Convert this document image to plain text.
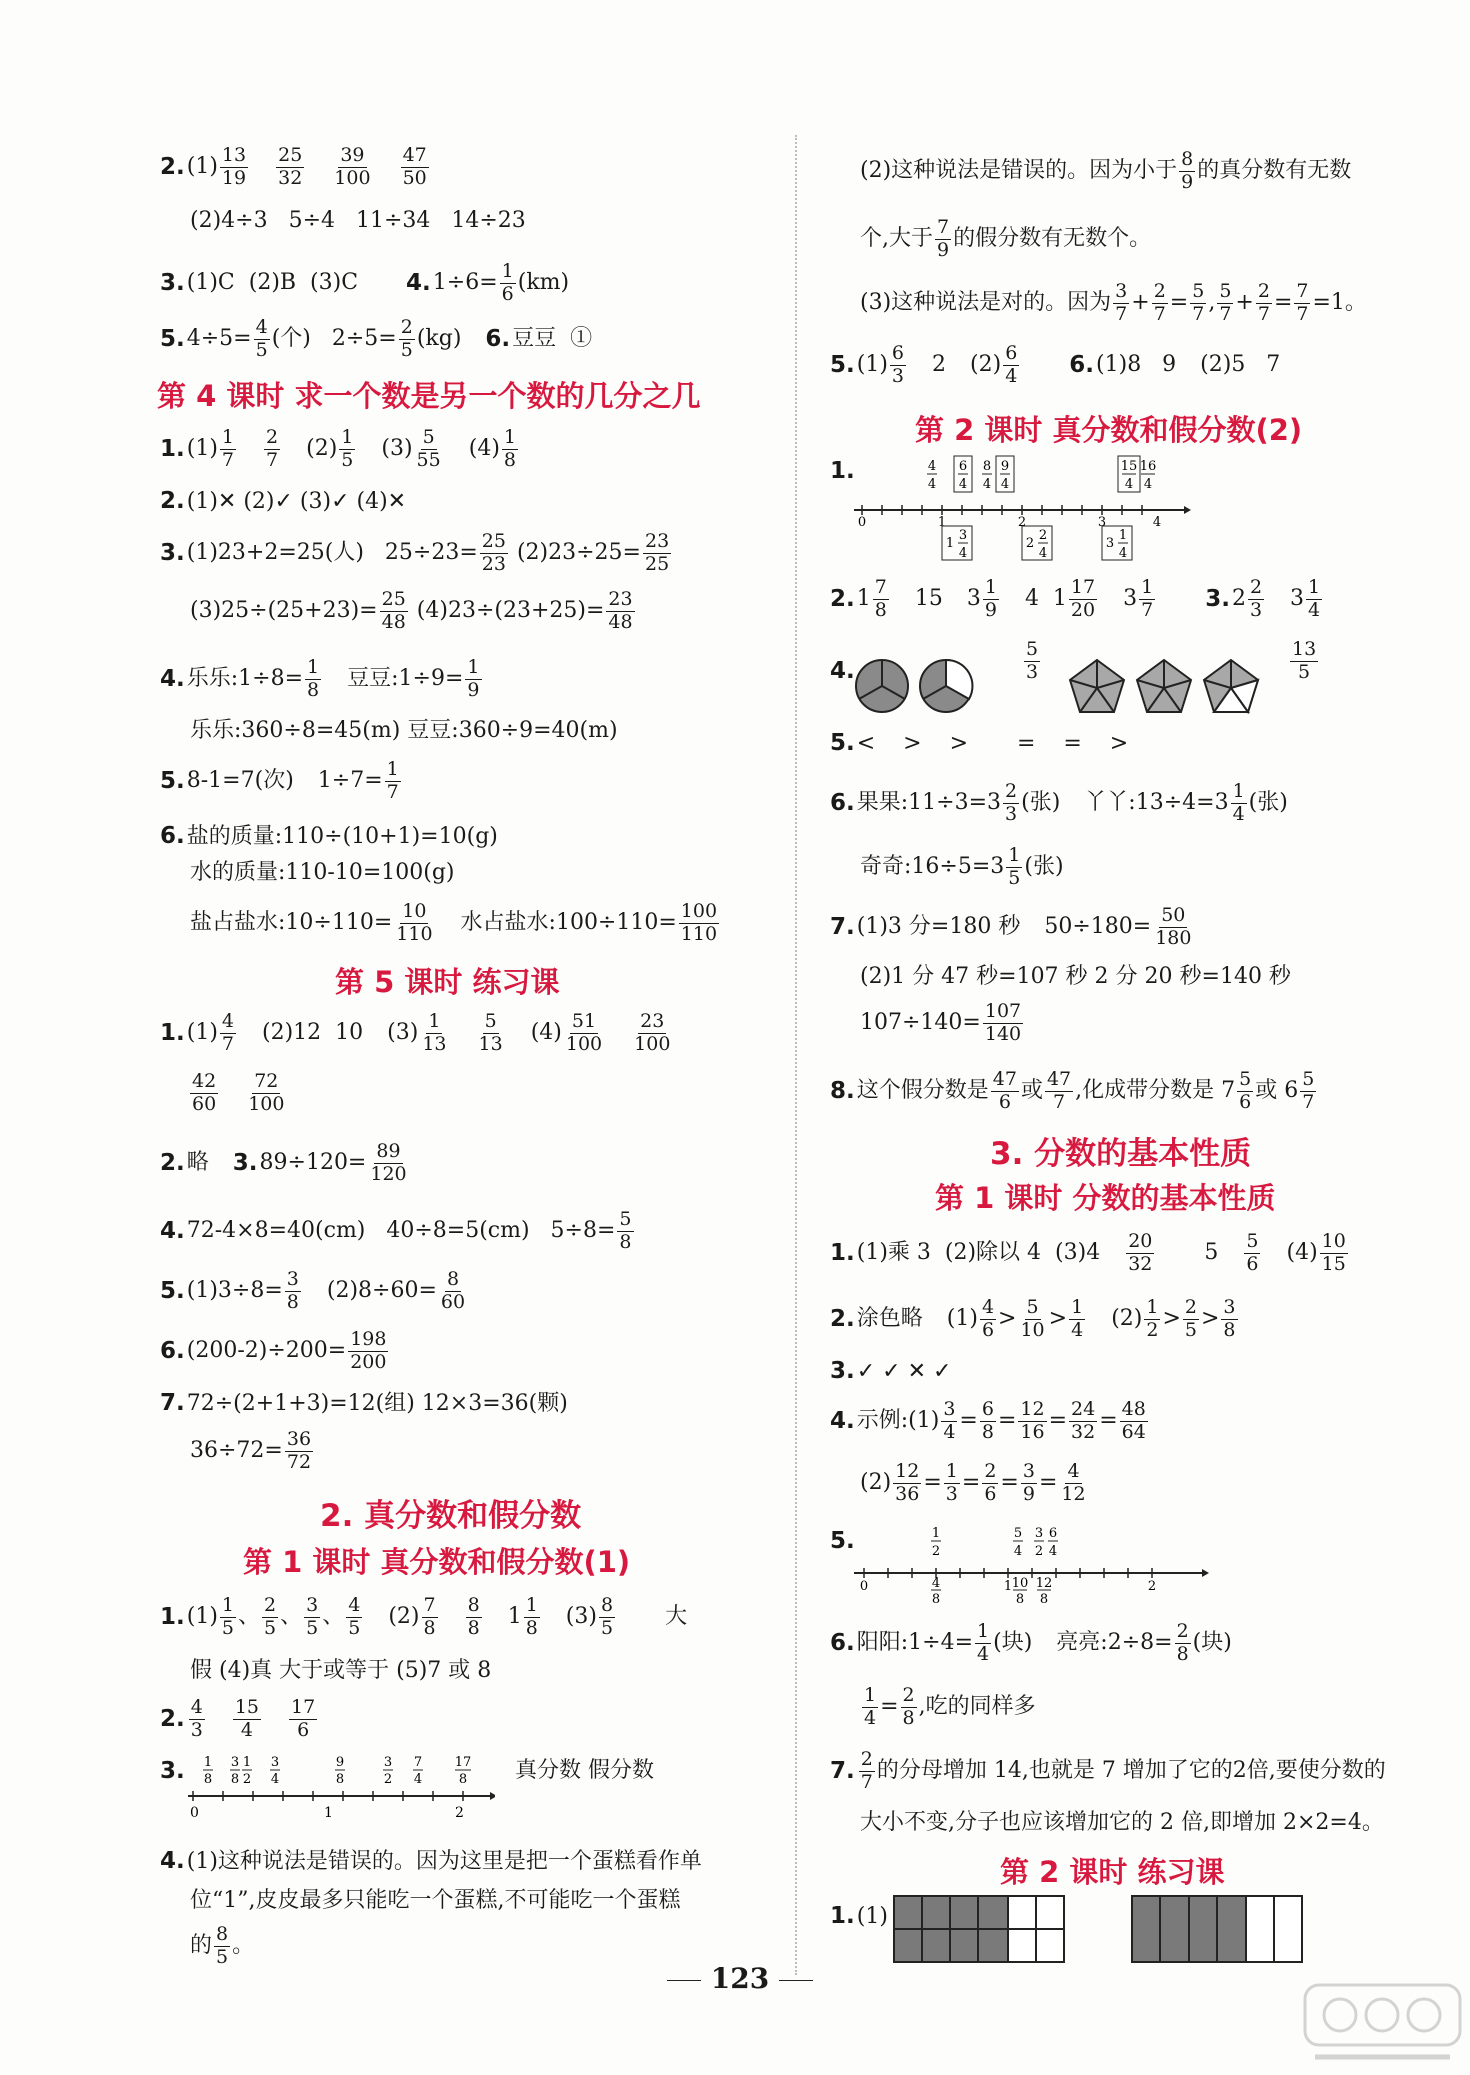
2. $(1) \frac{13}{19} \frac{25}{32} \frac{39}{100} \frac{47}{50}$
(2)4÷3   5÷4   11÷34   14÷23
3. (1)C  (2)B  (3)C 4. $1\div 6= \frac{1}{6} (km)$
5. $4\div 5= \frac{4}{5}$ (个)   $2\div 5= \frac{2}{5} (kg)$ 6. 豆豆  ①
第 4 课时 求一个数是另一个数的几分之几
1. $(1) \frac{1}{7} \frac{2}{7} (2) \frac{1}{5} (3) \frac{5}{55} (4) \frac{1}{8}$
2. (1)✕ (2)✓ (3)✓ (4)✕
3. (1)23+2=25(人)   $25\div 23= \frac{25}{23} (2)23\div 25= \frac{23}{25}$
$(3)25\div(25+23)= \frac{25}{48} (4)23\div(23+25)= \frac{23}{48}$
4. 乐乐:1÷8= $\frac{1}{8}$ 豆豆:1÷9= $\frac{1}{9}$
乐乐:360÷8=45(m) 豆豆:360÷9=40(m)
5. 8-1=7(次)
$1\div 7= \frac{1}{7}$
6. 盐的质量:110÷(10+1)=10(g)
水的质量:110-10=100(g)
盐占盐水:10÷110= $\frac{10}{110}$ 水占盐水:100÷110= $\frac{100}{110}$
第 5 课时 练习课
1. $(1) \frac{4}{7} (2)12$  10
$(3) \frac{1}{13} \frac{5}{13} (4) \frac{51}{100} \frac{23}{100}$
$\frac{42}{60} \frac{72}{100}$
2. 略 3. $89\div 120= \frac{89}{120}$
4. 72-4×8=40(cm)   40÷8=5(cm)   $5\div 8= \frac{5}{8}$
5. $(1)3\div 8= \frac{3}{8} (2)8\div 60= \frac{8}{60}$
6. $(200-2)\div 200= \frac{198}{200}$
7. 72÷(2+1+3)=12(组) 12×3=36(颗)
$36\div 72= \frac{36}{72}$
2. 真分数和假分数
第 1 课时 真分数和假分数(1)
1. $(1) \frac{1}{5}$ 、 $\frac{2}{5}$ 、 $\frac{3}{5}$ 、 $\frac{4}{5} (2) \frac{7}{8} \frac{8}{8} 1 \frac{1}{8} (3) \frac{8}{5}$ 大
假 (4)真 大于或等于 (5)7 或 8
2. $\frac{4}{3} \frac{15}{4} \frac{17}{6}$
3.
0	1	2
1
8
3
8
1
2
3
4
9
8
3
2
7
4
17
8 真分数 假分数
4. (1)这种说法是错误的。因为这里是把一个蛋糕看作单
位“1”,皮皮最多只能吃一个蛋糕,不可能吃一个蛋糕
的 $\frac{8}{5}$ 。
(2)这种说法是错误的。因为小于 $\frac{8}{9}$ 的真分数有无数
个,大于 $\frac{7}{9}$ 的假分数有无数个。
(3)这种说法是对的。因为 $\frac{3}{7} + \frac{2}{7} = \frac{5}{7}$ , $\frac{5}{7} + \frac{2}{7} = \frac{7}{7} =1$。
5. $(1) \frac{6}{3} 2$
$(2) \frac{6}{4} 6$. (1)8   9
(2)5   7
第 2 课时 真分数和假分数(2)
1.
0	1	2	3	4
4
4
6
4
8
4
9
4
15
4
16
4
1
3
4
2
2
4
3
1
4
2. $1 \frac{7}{8} 15$
$3 \frac{1}{9} 4$  $1 \frac{17}{20} 3 \frac{1}{7} 3$. $2 \frac{2}{3} 3 \frac{1}{4}$
4.	$\frac{5}{3}$	$\frac{13}{5}$
5. <    >    >       =    =    >
6. 果果:11÷3=3 $\frac{2}{3}$ (张)
丫丫:13÷4=3 $\frac{1}{4}$ (张)
奇奇:16÷5=3 $\frac{1}{5}$ (张)
7. (1)3 分=180 秒
$50\div 180= \frac{50}{180}$
(2)1 分 47 秒=107 秒 2 分 20 秒=140 秒
$107\div 140= \frac{107}{140}$
8. 这个假分数是 $\frac{47}{6}$ 或 $\frac{47}{7}$ ,化成带分数是 $7 \frac{5}{6}$ 或 $6 \frac{5}{7}$
3. 分数的基本性质
第 1 课时 分数的基本性质
1. (1)乘 3  (2)除以 4  $(3)4 \frac{20}{32} 5 \frac{5}{6} (4) \frac{10}{15}$
2. 涂色略
$(1) \frac{4}{6} > \frac{5}{10} > \frac{1}{4} (2) \frac{1}{2} > \frac{2}{5} > \frac{3}{8}$
3. ✓ ✓ ✕ ✓
4. 示例:(1) $\frac{3}{4} = \frac{6}{8} = \frac{12}{16} = \frac{24}{32} = \frac{48}{64}$
$(2) \frac{12}{36} = \frac{1}{3} = \frac{2}{6} = \frac{3}{9} = \frac{4}{12}$
5.
0	1	2
1
2
5
4
3
2
6
4
4
8
10
8
12
8
6. 阳阳:1÷4= $\frac{1}{4}$ (块)
亮亮:2÷8= $\frac{2}{8}$ (块)
$\frac{1}{4} = \frac{2}{8}$ ,吃的同样多
7. $\frac{2}{7}$ 的分母增加 14,也就是 7 增加了它的2倍,要使分数的
大小不变,分子也应该增加它的 2 倍,即增加 2×2=4。
第 2 课时 练习课
1. (1)
123
